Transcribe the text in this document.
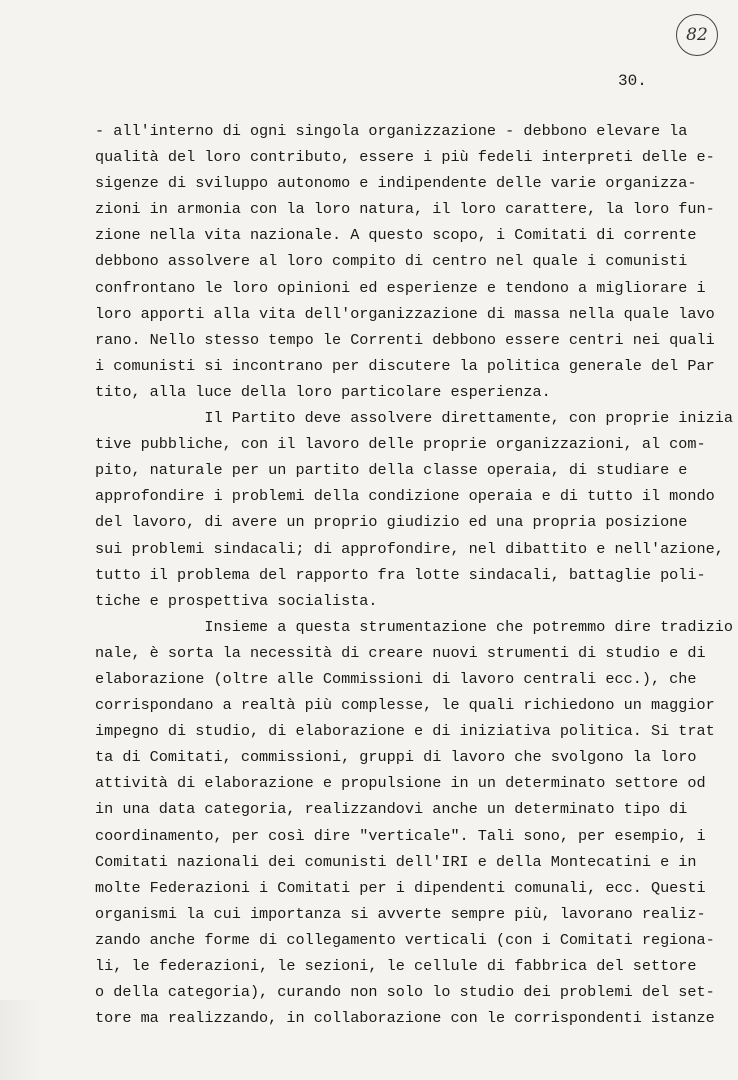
82
30.
- all'interno di ogni singola organizzazione - debbono elevare la
qualità del loro contributo, essere i più fedeli interpreti delle e-
sigenze di sviluppo autonomo e indipendente delle varie organizza-
zioni in armonia con la loro natura, il loro carattere, la loro fun-
zione nella vita nazionale. A questo scopo, i Comitati di corrente
debbono assolvere al loro compito di centro nel quale i comunisti
confrontano le loro opinioni ed esperienze e tendono a migliorare i
loro apporti alla vita dell'organizzazione di massa nella quale lavo
rano. Nello stesso tempo le Correnti debbono essere centri nei quali
i comunisti si incontrano per discutere la politica generale del Par
tito, alla luce della loro particolare esperienza.
Il Partito deve assolvere direttamente, con proprie inizia
tive pubbliche, con il lavoro delle proprie organizzazioni, al com-
pito, naturale per un partito della classe operaia, di studiare e
approfondire i problemi della condizione operaia e di tutto il mondo
del lavoro, di avere un proprio giudizio ed una propria posizione
sui problemi sindacali; di approfondire, nel dibattito e nell'azione,
tutto il problema del rapporto fra lotte sindacali, battaglie poli-
tiche e prospettiva socialista.
Insieme a questa strumentazione che potremmo dire tradizio
nale, è sorta la necessità di creare nuovi strumenti di studio e di
elaborazione (oltre alle Commissioni di lavoro centrali ecc.), che
corrispondano a realtà più complesse, le quali richiedono un maggior
impegno di studio, di elaborazione e di iniziativa politica. Si trat
ta di Comitati, commissioni, gruppi di lavoro che svolgono la loro
attività di elaborazione e propulsione in un determinato settore od
in una data categoria, realizzandovi anche un determinato tipo di
coordinamento, per così dire "verticale". Tali sono, per esempio, i
Comitati nazionali dei comunisti dell'IRI e della Montecatini e in
molte Federazioni i Comitati per i dipendenti comunali, ecc. Questi
organismi la cui importanza si avverte sempre più, lavorano realiz-
zando anche forme di collegamento verticali (con i Comitati regiona-
li, le federazioni, le sezioni, le cellule di fabbrica del settore
o della categoria), curando non solo lo studio dei problemi del set-
tore ma realizzando, in collaborazione con le corrispondenti istanze
